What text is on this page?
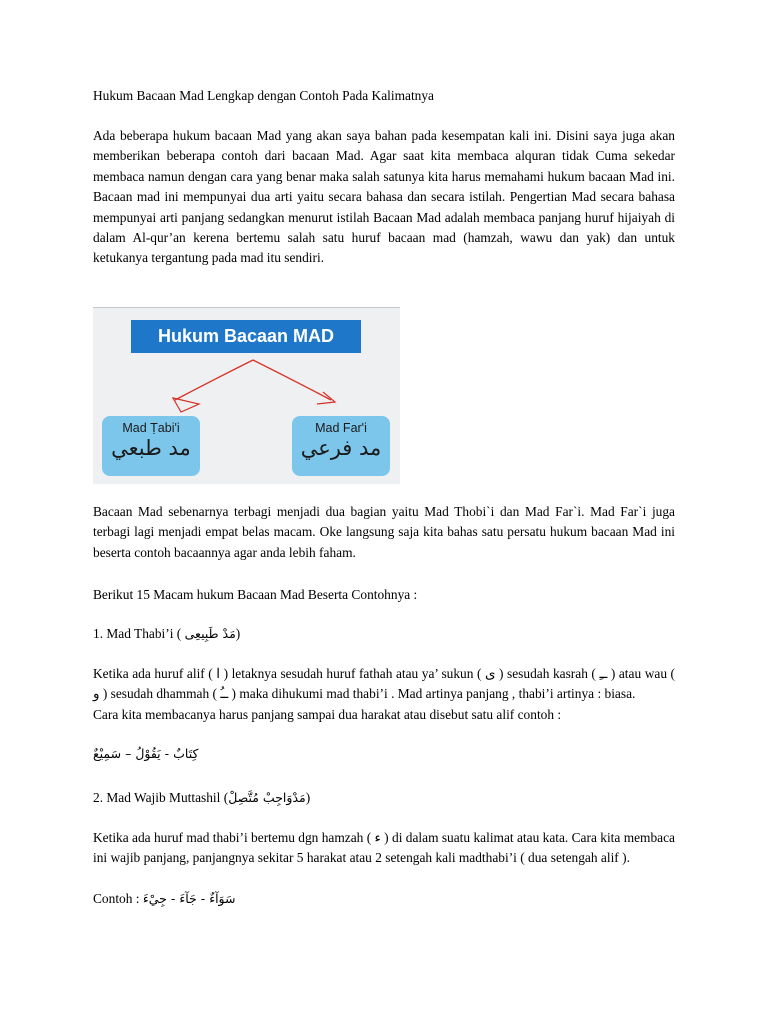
Hukum Bacaan Mad Lengkap dengan Contoh Pada Kalimatnya

Ada beberapa hukum bacaan Mad yang akan saya bahan pada kesempatan kali ini. Disini saya juga akan memberikan beberapa contoh dari bacaan Mad. Agar saat kita membaca alquran tidak Cuma sekedar membaca namun dengan cara yang benar maka salah satunya kita harus memahami hukum bacaan Mad ini. Bacaan mad ini mempunyai dua arti yaitu secara bahasa dan secara istilah. Pengertian Mad secara bahasa mempunyai arti panjang sedangkan menurut istilah Bacaan Mad adalah membaca panjang huruf hijaiyah di dalam Al-qur’an kerena bertemu salah satu huruf bacaan mad (hamzah, wawu dan yak) dan untuk ketukanya tergantung pada mad itu sendiri.

Hukum Bacaan MAD
Mad Ṭabi'i
مد طبعي
Mad Far'i
مد فرعي

Bacaan Mad sebenarnya terbagi menjadi dua bagian yaitu Mad Thobi`i dan Mad Far`i. Mad Far`i juga terbagi lagi menjadi empat belas macam. Oke langsung saja kita bahas satu persatu hukum bacaan Mad ini beserta contoh bacaannya agar anda lebih faham.

Berikut 15 Macam hukum Bacaan Mad Beserta Contohnya :

1. Mad Thabi’i ( مَدْ طَبِيعِى)

Ketika ada huruf alif ( ا ) letaknya sesudah huruf fathah atau ya’ sukun ( ى ) sesudah kasrah ( ــِ ) atau wau ( و ) sesudah dhammah ( ــُ ) maka dihukumi mad thabi’i . Mad artinya panjang , thabi’i artinya : biasa.

Cara kita membacanya harus panjang sampai dua harakat atau disebut satu alif contoh :

كِتَابٌ - يَقُوْلُ – سَمِيْعٌ

2. Mad Wajib Muttashil (مَدْوَاجِبْ مُتَّصِلْ)

Ketika ada huruf mad thabi’i bertemu dgn hamzah ( ء ) di dalam suatu kalimat atau kata. Cara kita membaca ini wajib panjang, panjangnya sekitar 5 harakat atau 2 setengah kali madthabi’i ( dua setengah alif ).

Contoh : سَوَآءٌ - جَآءَ - جِيْءَ
